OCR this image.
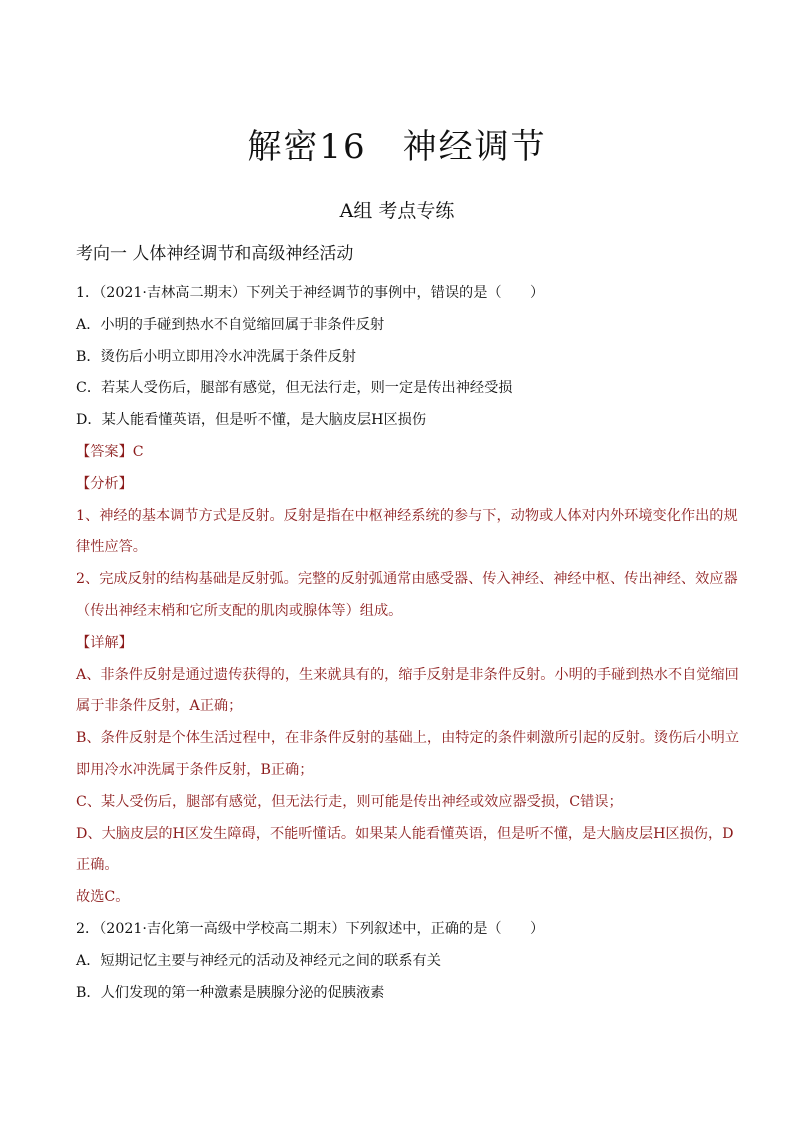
解密16　神经调节
A组 考点专练
考向一 人体神经调节和高级神经活动
1．（2021·吉林高二期末）下列关于神经调节的事例中，错误的是（　　）
A．小明的手碰到热水不自觉缩回属于非条件反射
B．烫伤后小明立即用冷水冲洗属于条件反射
C．若某人受伤后，腿部有感觉，但无法行走，则一定是传出神经受损
D．某人能看懂英语，但是听不懂，是大脑皮层H区损伤
【答案】C
【分析】
1、神经的基本调节方式是反射。反射是指在中枢神经系统的参与下，动物或人体对内外环境变化作出的规
律性应答。
2、完成反射的结构基础是反射弧。完整的反射弧通常由感受器、传入神经、神经中枢、传出神经、效应器
（传出神经末梢和它所支配的肌肉或腺体等）组成。
【详解】
A、非条件反射是通过遗传获得的，生来就具有的，缩手反射是非条件反射。小明的手碰到热水不自觉缩回
属于非条件反射，A正确；
B、条件反射是个体生活过程中，在非条件反射的基础上，由特定的条件刺激所引起的反射。烫伤后小明立
即用冷水冲洗属于条件反射，B正确；
C、某人受伤后，腿部有感觉，但无法行走，则可能是传出神经或效应器受损，C错误；
D、大脑皮层的H区发生障碍，不能听懂话。如果某人能看懂英语，但是听不懂，是大脑皮层H区损伤，D
正确。
故选C。
2．（2021·吉化第一高级中学校高二期末）下列叙述中，正确的是（　　）
A．短期记忆主要与神经元的活动及神经元之间的联系有关
B．人们发现的第一种激素是胰腺分泌的促胰液素
